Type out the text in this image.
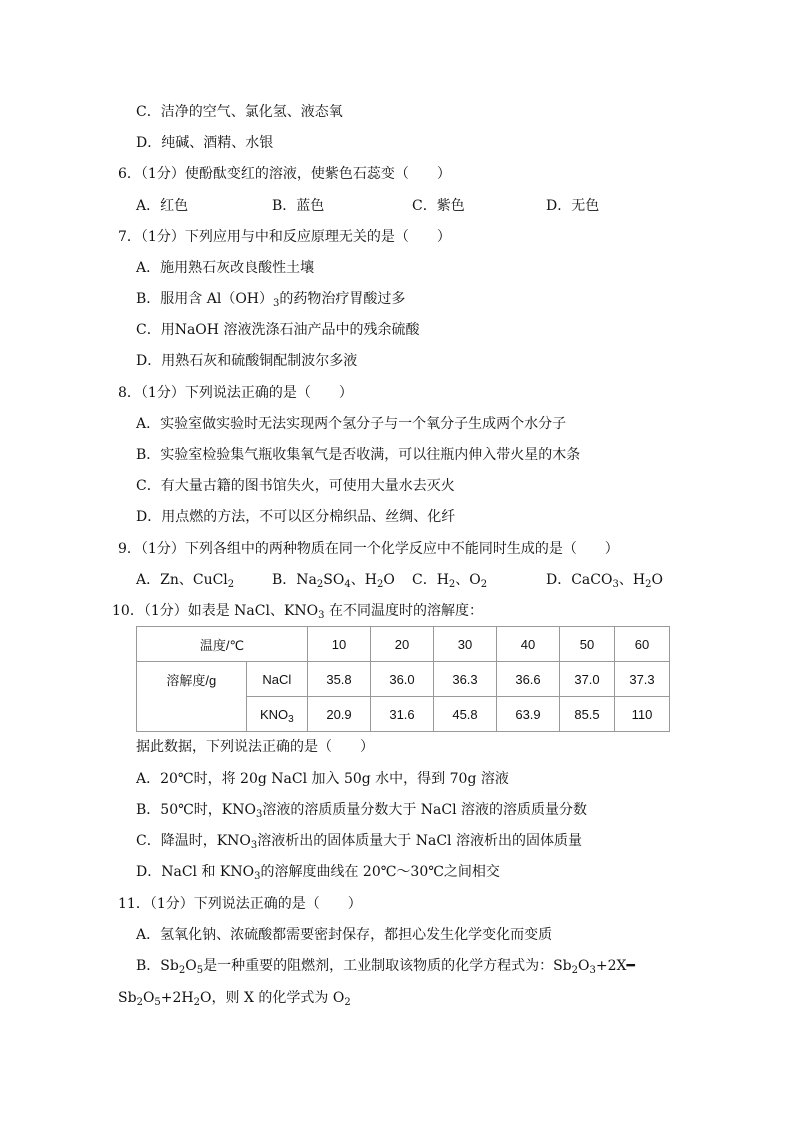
C．洁净的空气、氯化氢、液态氧
D．纯碱、酒精、水银
6．（1分）使酚酞变红的溶液，使紫色石蕊变（　　）
A．红色	B．蓝色	C．紫色	D．无色
7．（1分）下列应用与中和反应原理无关的是（　　）
A．施用熟石灰改良酸性土壤
B．服用含 $Al(OH)_3$的药物治疗胃酸过多
C．用NaOH 溶液洗涤石油产品中的残余硫酸
D．用熟石灰和硫酸铜配制波尔多液
8．（1分）下列说法正确的是（　　）
A．实验室做实验时无法实现两个氢分子与一个氧分子生成两个水分子
B．实验室检验集气瓶收集氧气是否收满，可以往瓶内伸入带火星的木条
C．有大量古籍的图书馆失火，可使用大量水去灭火
D．用点燃的方法，不可以区分棉织品、丝绸、化纤
9．（1分）下列各组中的两种物质在同一个化学反应中不能同时生成的是（　　）
A．Zn、CuCl$_2$	B．$Na_2SO_4$、$H_2O$ C．$H_2$、$O_2$	D．CaCO$_3$、$H_2O$
10．（1分）如表是 NaCl、$KNO_3$ 在不同温度时的溶解度：
温度/℃		10	20	30	40	50	60
溶解度/g	NaCl	35.8	36.0	36.3	36.6	37.0	37.3
	$KNO_3$	20.9	31.6	45.8	63.9	85.5	110
据此数据，下列说法正确的是（　　）
A．20℃时，将 20g NaCl 加入 50g 水中，得到 70g 溶液
B．50℃时，$KNO_3$溶液的溶质质量分数大于 NaCl 溶液的溶质质量分数
C．降温时，$KNO_3$溶液析出的固体质量大于 NaCl 溶液析出的固体质量
D．NaCl 和 $KNO_3$的溶解度曲线在 20℃～30℃之间相交
11．（1分）下列说法正确的是（　　）
A．氢氧化钠、浓硫酸都需要密封保存，都担心发生化学变化而变质
B．$Sb_2O_5$是一种重要的阻燃剂，工业制取该物质的化学方程式为：$Sb_2O_3+2X━$
$Sb_2O_5+2H_2O$，则 X 的化学式为 $O_2$
